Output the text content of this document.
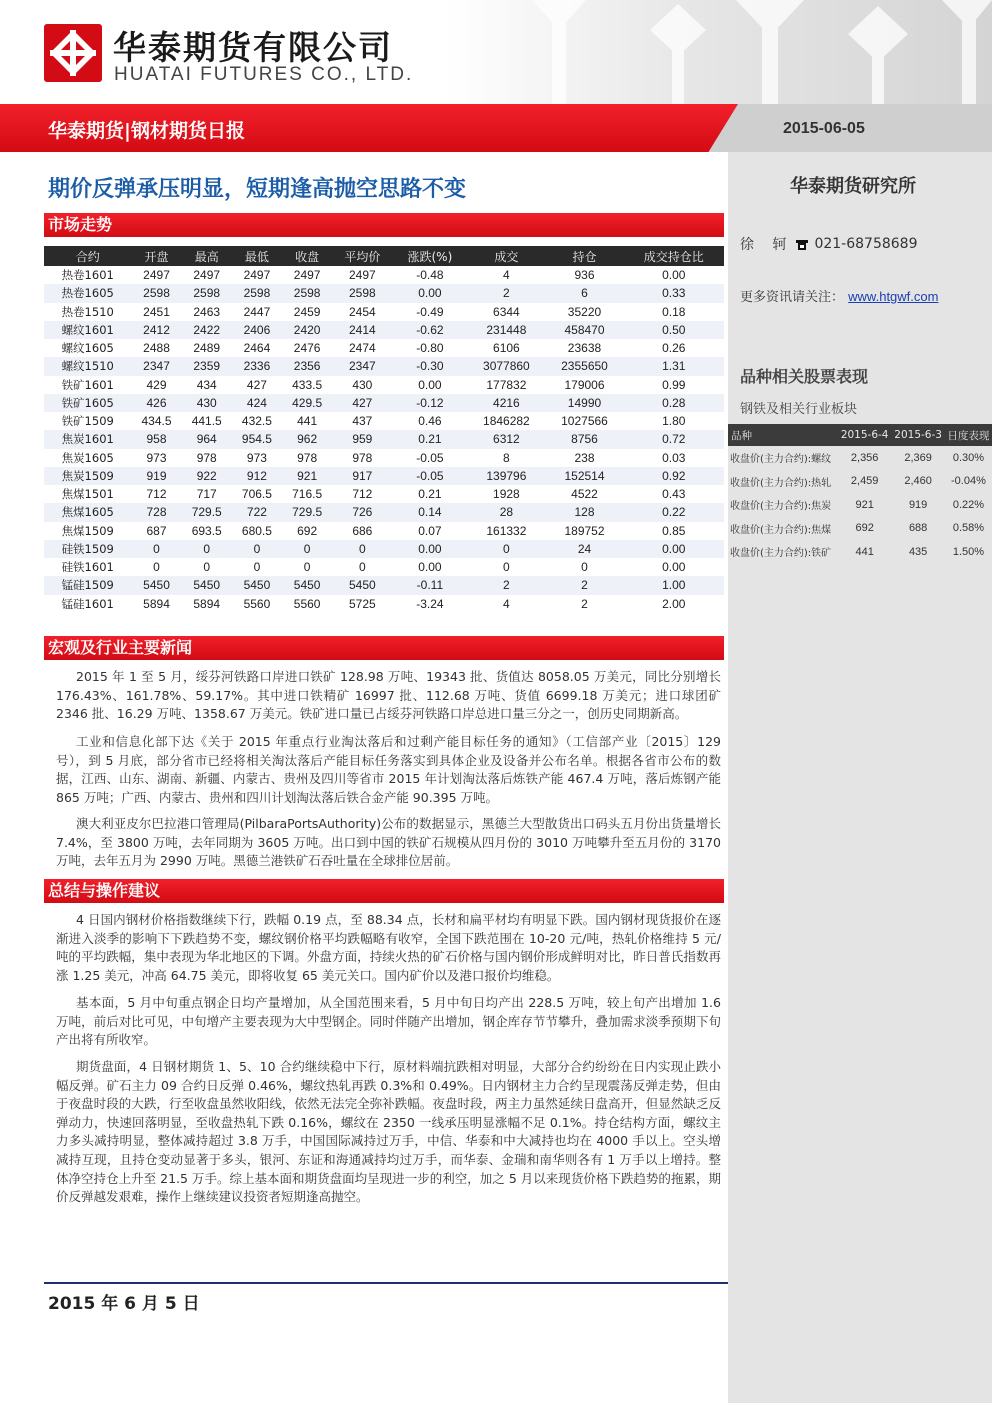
华泰期货有限公司
HUATAI FUTURES CO., LTD.
华泰期货|钢材期货日报	2015-06-05
华泰期货研究所
徐　 轲 021-68758689
更多资讯请关注： www.htgwf.com
品种相关股票表现
钢铁及相关行业板块
品种	2015-6-4	2015-6-3	日度表现
收盘价(主力合约):螺纹	2,356	2,369	0.30%
收盘价(主力合约):热轧	2,459	2,460	-0.04%
收盘价(主力合约):焦炭	921	919	0.22%
收盘价(主力合约):焦煤	692	688	0.58%
收盘价(主力合约):铁矿	441	435	1.50%
期价反弹承压明显，短期逢高抛空思路不变
市场走势
合约	开盘	最高	最低	收盘	平均价	涨跌(%)	成交	持仓	成交持仓比
热卷1601	2497	2497	2497	2497	2497	-0.48	4	936	0.00
热卷1605	2598	2598	2598	2598	2598	0.00	2	6	0.33
热卷1510	2451	2463	2447	2459	2454	-0.49	6344	35220	0.18
螺纹1601	2412	2422	2406	2420	2414	-0.62	231448	458470	0.50
螺纹1605	2488	2489	2464	2476	2474	-0.80	6106	23638	0.26
螺纹1510	2347	2359	2336	2356	2347	-0.30	3077860	2355650	1.31
铁矿1601	429	434	427	433.5	430	0.00	177832	179006	0.99
铁矿1605	426	430	424	429.5	427	-0.12	4216	14990	0.28
铁矿1509	434.5	441.5	432.5	441	437	0.46	1846282	1027566	1.80
焦炭1601	958	964	954.5	962	959	0.21	6312	8756	0.72
焦炭1605	973	978	973	978	978	-0.05	8	238	0.03
焦炭1509	919	922	912	921	917	-0.05	139796	152514	0.92
焦煤1501	712	717	706.5	716.5	712	0.21	1928	4522	0.43
焦煤1605	728	729.5	722	729.5	726	0.14	28	128	0.22
焦煤1509	687	693.5	680.5	692	686	0.07	161332	189752	0.85
硅铁1509	0	0	0	0	0	0.00	0	24	0.00
硅铁1601	0	0	0	0	0	0.00	0	0	0.00
锰硅1509	5450	5450	5450	5450	5450	-0.11	2	2	1.00
锰硅1601	5894	5894	5560	5560	5725	-3.24	4	2	2.00
宏观及行业主要新闻
2015 年 1 至 5 月，绥芬河铁路口岸进口铁矿 128.98 万吨、19343 批、货值达 8058.05 万美元，同比分别增长 176.43%、161.78%、59.17%。其中进口铁精矿 16997 批、112.68 万吨、货值 6699.18 万美元；进口球团矿 2346 批、16.29 万吨、1358.67 万美元。铁矿进口量已占绥芬河铁路口岸总进口量三分之一，创历史同期新高。
工业和信息化部下达《关于 2015 年重点行业淘汰落后和过剩产能目标任务的通知》（工信部产业〔2015〕129 号），到 5 月底，部分省市已经将相关淘汰落后产能目标任务落实到具体企业及设备并公布名单。根据各省市公布的数据，江西、山东、湖南、新疆、内蒙古、贵州及四川等省市 2015 年计划淘汰落后炼铁产能 467.4 万吨，落后炼钢产能 865 万吨；广西、内蒙古、贵州和四川计划淘汰落后铁合金产能 90.395 万吨。
澳大利亚皮尔巴拉港口管理局(PilbaraPortsAuthority)公布的数据显示，黑德兰大型散货出口码头五月份出货量增长 7.4%，至 3800 万吨，去年同期为 3605 万吨。出口到中国的铁矿石规模从四月份的 3010 万吨攀升至五月份的 3170 万吨，去年五月为 2990 万吨。黑德兰港铁矿石吞吐量在全球排位居前。
总结与操作建议
4 日国内钢材价格指数继续下行，跌幅 0.19 点，至 88.34 点，长材和扁平材均有明显下跌。国内钢材现货报价在逐渐进入淡季的影响下下跌趋势不变，螺纹钢价格平均跌幅略有收窄，全国下跌范围在 10-20 元/吨，热轧价格维持 5 元/吨的平均跌幅，集中表现为华北地区的下调。外盘方面，持续火热的矿石价格与国内钢价形成鲜明对比，昨日普氏指数再涨 1.25 美元，冲高 64.75 美元，即将收复 65 美元关口。国内矿价以及港口报价均维稳。
基本面，5 月中旬重点钢企日均产量增加，从全国范围来看，5 月中旬日均产出 228.5 万吨，较上旬产出增加 1.6 万吨，前后对比可见，中旬增产主要表现为大中型钢企。同时伴随产出增加，钢企库存节节攀升，叠加需求淡季预期下旬产出将有所收窄。
期货盘面，4 日钢材期货 1、5、10 合约继续稳中下行，原材料端抗跌相对明显，大部分合约纷纷在日内实现止跌小幅反弹。矿石主力 09 合约日反弹 0.46%，螺纹热轧再跌 0.3%和 0.49%。日内钢材主力合约呈现震荡反弹走势，但由于夜盘时段的大跌，行至收盘虽然收阳线，依然无法完全弥补跌幅。夜盘时段，两主力虽然延续日盘高开，但显然缺乏反弹动力，快速回落明显，至收盘热轧下跌 0.16%，螺纹在 2350 一线承压明显涨幅不足 0.1%。持仓结构方面，螺纹主力多头减持明显，整体减持超过 3.8 万手，中国国际减持过万手，中信、华泰和中大减持也均在 4000 手以上。空头增减持互现，且持仓变动显著于多头，银河、东证和海通减持均过万手，而华泰、金瑞和南华则各有 1 万手以上增持。整体净空持仓上升至 21.5 万手。综上基本面和期货盘面均呈现进一步的利空，加之 5 月以来现货价格下跌趋势的拖累，期价反弹越发艰难，操作上继续建议投资者短期逢高抛空。
2015 年 6 月 5 日
